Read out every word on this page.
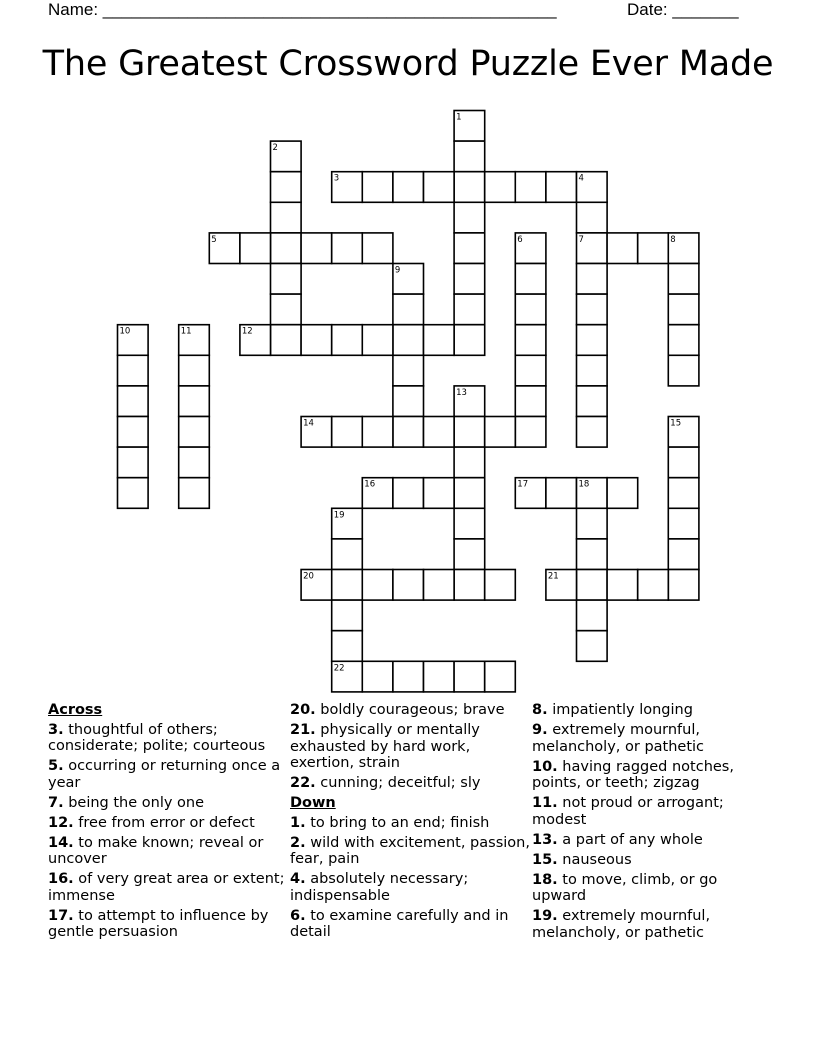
Name: ________________________________________________	Date: _______
The Greatest Crossword Puzzle Ever Made
1
2
3	4
5	6	7	8
9
10	11	12
13
14	15
16	17	18
19
20	21
22
Across
3. thoughtful of others; considerate; polite; courteous
5. occurring or returning once a year
7. being the only one
12. free from error or defect
14. to make known; reveal or uncover
16. of very great area or extent; immense
17. to attempt to influence by gentle persuasion
20. boldly courageous; brave
21. physically or mentally exhausted by hard work, exertion, strain
22. cunning; deceitful; sly
Down
1. to bring to an end; finish
2. wild with excitement, passion, fear, pain
4. absolutely necessary; indispensable
6. to examine carefully and in detail
8. impatiently longing
9. extremely mournful, melancholy, or pathetic
10. having ragged notches, points, or teeth; zigzag
11. not proud or arrogant; modest
13. a part of any whole
15. nauseous
18. to move, climb, or go upward
19. extremely mournful, melancholy, or pathetic
